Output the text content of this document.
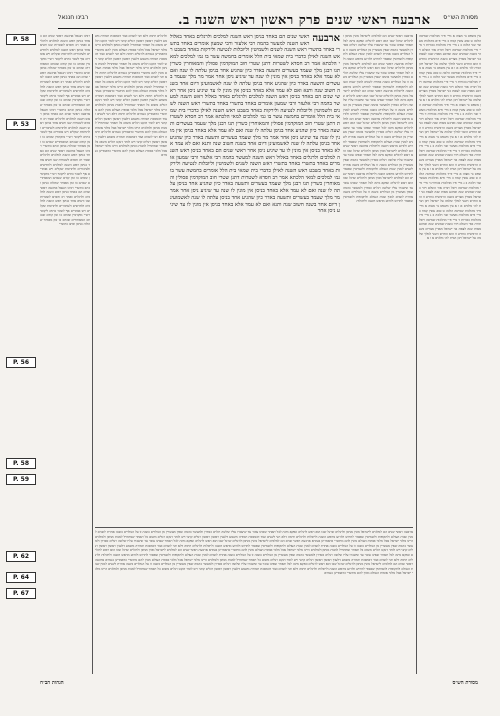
מסורת הש״ס
ארבעה ראשי שנים פרק ראשון ראש השנה ב.
רבינו חננאל
P. 58
P. 53
P. 56
P. 58
P. 59
P. 62
P. 64
P. 67
רבינו חננאל ארבעה ראשי שנים הם באחד בניסן ראש השנה למלכים ולרגלים ואמר רב חסדא לשטרות שנו ותניא אחד בניסן ראש השנה למלכים ולחדשים ולעיבורים ולתרומת שקלים ויש אומרים אף לשכר בתים ליקוטי רש״י מוקדמין שכתב בו זמן קודם שנכתב המאוחרים שכתב בו זמן מאוחר שהלוה בניסן וכתב בתשרי רבינו חננאל ארבעה ראשי שנים הם באחד בניסן ראש השנה למלכים ולרגלים ואמר רב חסדא לשטרות שנו ותניא אחד בניסן ראש השנה למלכים ולחדשים ולעיבורים ולתרומת שקלים ויש אומרים אף לשכר בתים ליקוטי רש״י מוקדמין שכתב בו זמן קודם שנכתב המאוחרים שכתב בו זמן מאוחר שהלוה בניסן וכתב בתשרי רבינו חננאל ארבעה ראשי שנים הם באחד בניסן ראש השנה למלכים ולרגלים ואמר רב חסדא לשטרות שנו ותניא אחד בניסן ראש השנה למלכים ולחדשים ולעיבורים ולתרומת שקלים ויש אומרים אף לשכר בתים ליקוטי רש״י מוקדמין שכתב בו זמן קודם שנכתב המאוחרים שכתב בו זמן מאוחר שהלוה בניסן וכתב בתשרי רבינו חננאל ארבעה ראשי שנים הם באחד בניסן ראש השנה למלכים ולרגלים ואמר רב חסדא לשטרות שנו ותניא אחד בניסן ראש השנה למלכים ולחדשים ולעיבורים ולתרומת שקלים ויש אומרים אף לשכר בתים ליקוטי רש״י מוקדמין שכתב בו זמן קודם שנכתב המאוחרים שכתב בו זמן מאוחר שהלוה בניסן וכתב בתשרי רבינו חננאל ארבעה ראשי שנים הם באחד בניסן ראש השנה למלכים ולרגלים ואמר רב חסדא לשטרות שנו ותניא אחד בניסן ראש השנה למלכים ולחדשים ולעיבורים ולתרומת שקלים ויש אומרים אף לשכר בתים ליקוטי רש״י מוקדמין שכתב בו זמן קודם שנכתב המאוחרים שכתב בו זמן מאוחר שהלוה בניסן וכתב בתשרי
ולרגלים תימה דלא תני לשנים ועוד דבמסכת תמורה משמע דלענין ראשון ראשון רגלים קתני ויש לומר דנקט רגלים משום בל תאחר שמתחיל למנות מניסן ולמלכים היינו מלכי ישראל אבל מלכי אומות העולם מונין להם מתשרי כדאמרינן בגמרא ולרגלים תימה דלא תני לשנים ועוד דבמסכת תמורה משמע דלענין ראשון ראשון רגלים קתני ויש לומר דנקט רגלים משום בל תאחר שמתחיל למנות מניסן ולמלכים היינו מלכי ישראל אבל מלכי אומות העולם מונין להם מתשרי כדאמרינן בגמרא ולרגלים תימה דלא תני לשנים ועוד דבמסכת תמורה משמע דלענין ראשון ראשון רגלים קתני ויש לומר דנקט רגלים משום בל תאחר שמתחיל למנות מניסן ולמלכים היינו מלכי ישראל אבל מלכי אומות העולם מונין להם מתשרי כדאמרינן בגמרא ולרגלים תימה דלא תני לשנים ועוד דבמסכת תמורה משמע דלענין ראשון ראשון רגלים קתני ויש לומר דנקט רגלים משום בל תאחר שמתחיל למנות מניסן ולמלכים היינו מלכי ישראל אבל מלכי אומות העולם מונין להם מתשרי כדאמרינן בגמרא ולרגלים תימה דלא תני לשנים ועוד דבמסכת תמורה משמע דלענין ראשון ראשון רגלים קתני ויש לומר דנקט רגלים משום בל תאחר שמתחיל למנות מניסן ולמלכים היינו מלכי ישראל אבל מלכי אומות העולם מונין להם מתשרי כדאמרינן בגמרא ולרגלים תימה דלא תני לשנים ועוד דבמסכת תמורה משמע דלענין ראשון ראשון רגלים קתני ויש לומר דנקט רגלים משום בל תאחר שמתחיל למנות מניסן ולמלכים היינו מלכי ישראל אבל מלכי אומות העולם מונין להם מתשרי כדאמרינן בגמרא
ארבעה
ראשי שנים הם באחד בניסן ראש השנה למלכים ולרגלים באחד באלול ראש השנה למעשר בהמה רבי אלעזר ורבי שמעון אומרים באחד בתשרי באחד בתשרי ראש השנה לשנים ולשמיטין וליובלות לנטיעה ולירקות באחד בשבט ראש השנה לאילן כדברי בית שמאי בית הלל אומרים בחמשה עשר בו גמ׳ למלכים למאי הלכתא אמר רב חסדא לשטרות דתנן שטרי חוב המוקדמין פסולין והמאוחרין כשרין תנו רבנן מלך שעמד בעשרים ותשעה באדר כיון שהגיע אחד בניסן עלתה לו שנה ואם לא עמד אלא באחד בניסן אין מונין לו שנה עד שיגיע ניסן אחר אמר מר מלך שעמד בעשרים ותשעה באדר כיון שהגיע אחד בניסן עלתה לו שנה לאשמועינן דיום אחד בשנה חשוב שנה ותנא ואם לא עמד אלא באחד בניסן אין מונין לו עד שיגיע ניסן אחר ראשי שנים הם באחד בניסן ראש השנה למלכים ולרגלים באחד באלול ראש השנה למעשר בהמה רבי אלעזר ורבי שמעון אומרים באחד בתשרי באחד בתשרי ראש השנה לשנים ולשמיטין וליובלות לנטיעה ולירקות באחד בשבט ראש השנה לאילן כדברי בית שמאי בית הלל אומרים בחמשה עשר בו גמ׳ למלכים למאי הלכתא אמר רב חסדא לשטרות דתנן שטרי חוב המוקדמין פסולין והמאוחרין כשרין תנו רבנן מלך שעמד בעשרים ותשעה באדר כיון שהגיע אחד בניסן עלתה לו שנה ואם לא עמד אלא באחד בניסן אין מונין לו שנה עד שיגיע ניסן אחר אמר מר מלך שעמד בעשרים ותשעה באדר כיון שהגיע אחד בניסן עלתה לו שנה לאשמועינן דיום אחד בשנה חשוב שנה ותנא ואם לא עמד אלא באחד בניסן אין מונין לו עד שיגיע ניסן אחר ראשי שנים הם באחד בניסן ראש השנה למלכים ולרגלים באחד באלול ראש השנה למעשר בהמה רבי אלעזר ורבי שמעון אומרים באחד בתשרי באחד בתשרי ראש השנה לשנים ולשמיטין וליובלות לנטיעה ולירקות באחד בשבט ראש השנה לאילן כדברי בית שמאי בית הלל אומרים בחמשה עשר בו גמ׳ למלכים למאי הלכתא אמר רב חסדא לשטרות דתנן שטרי חוב המוקדמין פסולין והמאוחרין כשרין תנו רבנן מלך שעמד בעשרים ותשעה באדר כיון שהגיע אחד בניסן עלתה לו שנה ואם לא עמד אלא באחד בניסן אין מונין לו שנה עד שיגיע ניסן אחר אמר מר מלך שעמד בעשרים ותשעה באדר כיון שהגיע אחד בניסן עלתה לו שנה לאשמועינן דיום אחד בשנה חשוב שנה ותנא ואם לא עמד אלא באחד בניסן אין מונין לו עד שיגיע ניסן אחר
ארבעה ראשי שנים הם למלכים לישראל מונין מניסן ולרגלים שרגל שבו הוא ראש לרגלים ונפקא מינה לבל תאחר שאינו עובר עד שיעברו עליו שלשה רגלים כסדרן ולמעשר בהמה שאין מעשרין מן הנולדים בשנה זו על הנולדים בשנה אחרת לשנים למנין שנות העולם ולתקופות ולשמיטין שאסור לחרוש ולזרוע מראש השנה וליובלות ארבעה ראשי שנים הם למלכים לישראל מונין מניסן ולרגלים שרגל שבו הוא ראש לרגלים ונפקא מינה לבל תאחר שאינו עובר עד שיעברו עליו שלשה רגלים כסדרן ולמעשר בהמה שאין מעשרין מן הנולדים בשנה זו על הנולדים בשנה אחרת לשנים למנין שנות העולם ולתקופות ולשמיטין שאסור לחרוש ולזרוע מראש השנה וליובלות ארבעה ראשי שנים הם למלכים לישראל מונין מניסן ולרגלים שרגל שבו הוא ראש לרגלים ונפקא מינה לבל תאחר שאינו עובר עד שיעברו עליו שלשה רגלים כסדרן ולמעשר בהמה שאין מעשרין מן הנולדים בשנה זו על הנולדים בשנה אחרת לשנים למנין שנות העולם ולתקופות ולשמיטין שאסור לחרוש ולזרוע מראש השנה וליובלות ארבעה ראשי שנים הם למלכים לישראל מונין מניסן ולרגלים שרגל שבו הוא ראש לרגלים ונפקא מינה לבל תאחר שאינו עובר עד שיעברו עליו שלשה רגלים כסדרן ולמעשר בהמה שאין מעשרין מן הנולדים בשנה זו על הנולדים בשנה אחרת לשנים למנין שנות העולם ולתקופות ולשמיטין שאסור לחרוש ולזרוע מראש השנה וליובלות ארבעה ראשי שנים הם למלכים לישראל מונין מניסן ולרגלים שרגל שבו הוא ראש לרגלים ונפקא מינה לבל תאחר שאינו עובר עד שיעברו עליו שלשה רגלים כסדרן ולמעשר בהמה שאין מעשרין מן הנולדים בשנה זו על הנולדים בשנה אחרת לשנים למנין שנות העולם ולתקופות ולשמיטין שאסור לחרוש ולזרוע מראש השנה וליובלות ארבעה ראשי שנים הם למלכים לישראל מונין מניסן ולרגלים שרגל שבו הוא ראש לרגלים ונפקא מינה לבל תאחר שאינו עובר עד שיעברו עליו שלשה רגלים כסדרן ולמעשר בהמה שאין מעשרין מן הנולדים בשנה זו על הנולדים בשנה אחרת לשנים למנין שנות העולם ולתקופות ולשמיטין שאסור לחרוש ולזרוע מראש השנה וליובלות
עין משפט נר מצוה א מיי׳ פ״ד מהלכות שמיטה הלכה ט סמג עשין קמח ב מיי׳ פ״א מהלכות מעשר שני הלכה ב ג מיי׳ פ״ז מהלכות בכורות ד מיי׳ פ״י מהלכות שמיטה ויובל תורה אור השלם ויהי בשנת שמונים שנה וארבע מאות שנה לצאת בני ישראל מארץ מצרים בשנה הרביעית בחדש זו הוא החדש השני למלך שלמה על ישראל ויבן הבית לה׳ מלכים א ו א עין משפט נר מצוה א מיי׳ פ״ד מהלכות שמיטה הלכה ט סמג עשין קמח ב מיי׳ פ״א מהלכות מעשר שני הלכה ב ג מיי׳ פ״ז מהלכות בכורות ד מיי׳ פ״י מהלכות שמיטה ויובל תורה אור השלם ויהי בשנת שמונים שנה וארבע מאות שנה לצאת בני ישראל מארץ מצרים בשנה הרביעית בחדש זו הוא החדש השני למלך שלמה על ישראל ויבן הבית לה׳ מלכים א ו א עין משפט נר מצוה א מיי׳ פ״ד מהלכות שמיטה הלכה ט סמג עשין קמח ב מיי׳ פ״א מהלכות מעשר שני הלכה ב ג מיי׳ פ״ז מהלכות בכורות ד מיי׳ פ״י מהלכות שמיטה ויובל תורה אור השלם ויהי בשנת שמונים שנה וארבע מאות שנה לצאת בני ישראל מארץ מצרים בשנה הרביעית בחדש זו הוא החדש השני למלך שלמה על ישראל ויבן הבית לה׳ מלכים א ו א עין משפט נר מצוה א מיי׳ פ״ד מהלכות שמיטה הלכה ט סמג עשין קמח ב מיי׳ פ״א מהלכות מעשר שני הלכה ב ג מיי׳ פ״ז מהלכות בכורות ד מיי׳ פ״י מהלכות שמיטה ויובל תורה אור השלם ויהי בשנת שמונים שנה וארבע מאות שנה לצאת בני ישראל מארץ מצרים בשנה הרביעית בחדש זו הוא החדש השני למלך שלמה על ישראל ויבן הבית לה׳ מלכים א ו א עין משפט נר מצוה א מיי׳ פ״ד מהלכות שמיטה הלכה ט סמג עשין קמח ב מיי׳ פ״א מהלכות מעשר שני הלכה ב ג מיי׳ פ״ז מהלכות בכורות ד מיי׳ פ״י מהלכות שמיטה ויובל תורה אור השלם ויהי בשנת שמונים שנה וארבע מאות שנה לצאת בני ישראל מארץ מצרים בשנה הרביעית בחדש זו הוא החדש השני למלך שלמה על ישראל ויבן הבית לה׳ מלכים א ו א עין משפט נר מצוה א מיי׳ פ״ד מהלכות שמיטה הלכה ט סמג עשין קמח ב מיי׳ פ״א מהלכות מעשר שני הלכה ב ג מיי׳ פ״ז מהלכות בכורות ד מיי׳ פ״י מהלכות שמיטה ויובל תורה אור השלם ויהי בשנת שמונים שנה וארבע מאות שנה לצאת בני ישראל מארץ מצרים בשנה הרביעית בחדש זו הוא החדש השני למלך שלמה על ישראל ויבן הבית לה׳ מלכים א ו א
ארבעה ראשי שנים הם למלכים לישראל מונין מניסן ולרגלים שרגל שבו הוא ראש לרגלים ונפקא מינה לבל תאחר שאינו עובר עד שיעברו עליו שלשה רגלים כסדרן ולמעשר בהמה שאין מעשרין מן הנולדים בשנה זו על הנולדים בשנה אחרת לשנים למנין שנות העולם ולתקופות ולשמיטין שאסור לחרוש ולזרוע מראש השנה וליובלות ולרגלים תימה דלא תני לשנים ועוד דבמסכת תמורה משמע דלענין ראשון ראשון רגלים קתני ויש לומר דנקט רגלים משום בל תאחר שמתחיל למנות מניסן ולמלכים היינו מלכי ישראל אבל מלכי אומות העולם מונין להם מתשרי כדאמרינן בגמרא ארבעה ראשי שנים הם למלכים לישראל מונין מניסן ולרגלים שרגל שבו הוא ראש לרגלים ונפקא מינה לבל תאחר שאינו עובר עד שיעברו עליו שלשה רגלים כסדרן ולמעשר בהמה שאין מעשרין מן הנולדים בשנה זו על הנולדים בשנה אחרת לשנים למנין שנות העולם ולתקופות ולשמיטין שאסור לחרוש ולזרוע מראש השנה וליובלות ולרגלים תימה דלא תני לשנים ועוד דבמסכת תמורה משמע דלענין ראשון ראשון רגלים קתני ויש לומר דנקט רגלים משום בל תאחר שמתחיל למנות מניסן ולמלכים היינו מלכי ישראל אבל מלכי אומות העולם מונין להם מתשרי כדאמרינן בגמרא ארבעה ראשי שנים הם למלכים לישראל מונין מניסן ולרגלים שרגל שבו הוא ראש לרגלים ונפקא מינה לבל תאחר שאינו עובר עד שיעברו עליו שלשה רגלים כסדרן ולמעשר בהמה שאין מעשרין מן הנולדים בשנה זו על הנולדים בשנה אחרת לשנים למנין שנות העולם ולתקופות ולשמיטין שאסור לחרוש ולזרוע מראש השנה וליובלות ולרגלים תימה דלא תני לשנים ועוד דבמסכת תמורה משמע דלענין ראשון ראשון רגלים קתני ויש לומר דנקט רגלים משום בל תאחר שמתחיל למנות מניסן ולמלכים היינו מלכי ישראל אבל מלכי אומות העולם מונין להם מתשרי כדאמרינן בגמרא ארבעה ראשי שנים הם למלכים לישראל מונין מניסן ולרגלים שרגל שבו הוא ראש לרגלים ונפקא מינה לבל תאחר שאינו עובר עד שיעברו עליו שלשה רגלים כסדרן ולמעשר בהמה שאין מעשרין מן הנולדים בשנה זו על הנולדים בשנה אחרת לשנים למנין שנות העולם ולתקופות ולשמיטין שאסור לחרוש ולזרוע מראש השנה וליובלות ולרגלים תימה דלא תני לשנים ועוד דבמסכת תמורה משמע דלענין ראשון ראשון רגלים קתני ויש לומר דנקט רגלים משום בל תאחר שמתחיל למנות מניסן ולמלכים היינו מלכי ישראל אבל מלכי אומות העולם מונין להם מתשרי כדאמרינן בגמרא
מסורת הש״ס
הגהות הב״ח
